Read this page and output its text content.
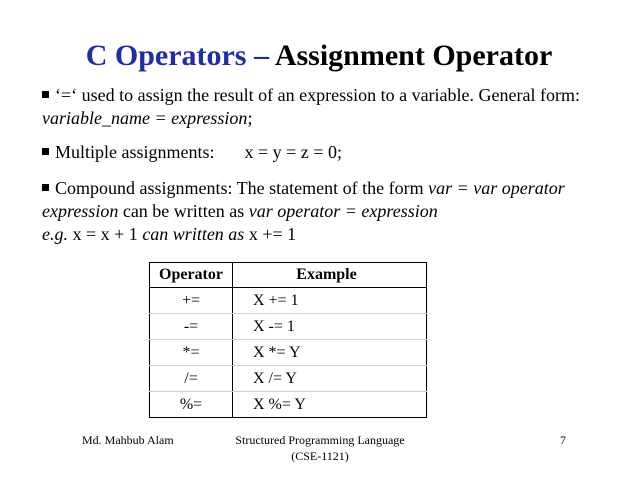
C Operators – Assignment Operator
‘=‘ used to assign the result of an expression to a variable. General form:variable_name = expression;
Multiple assignments: x = y = z = 0;
Compound assignments: The statement of the form var = var operator expression can be written as var operator = expression
e.g. x = x + 1 can written as x += 1
Operator	Example
+=	X += 1
-=	X -= 1
*=	X *= Y
/=	X /= Y
%=	X %= Y
Md. Mahbub Alam	Structured Programming Language
(CSE-1121)
7
